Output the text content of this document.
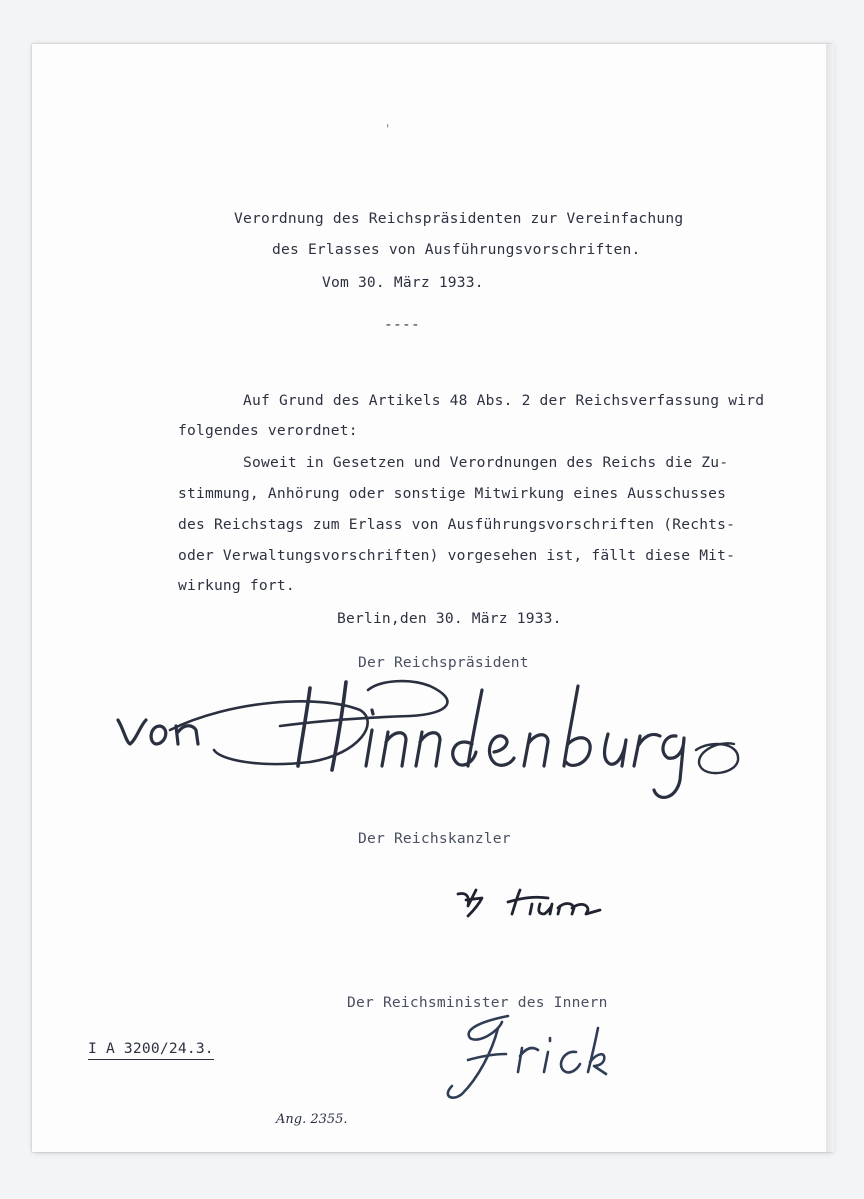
'
Verordnung des Reichspräsidenten zur Vereinfachung
des Erlasses von Ausführungsvorschriften.
Vom 30. März 1933.
----
Auf Grund des Artikels 48 Abs. 2 der Reichsverfassung wird
folgendes verordnet:
Soweit in Gesetzen und Verordnungen des Reichs die Zu-
stimmung, Anhörung oder sonstige Mitwirkung eines Ausschusses
des Reichstags zum Erlass von Ausführungsvorschriften (Rechts-
oder Verwaltungsvorschriften) vorgesehen ist, fällt diese Mit-
wirkung fort.
Berlin,den 30. März 1933.
Der Reichspräsident
Der Reichskanzler
Der Reichsminister des Innern

I A 3200/24.3.

Ang. 2355.
